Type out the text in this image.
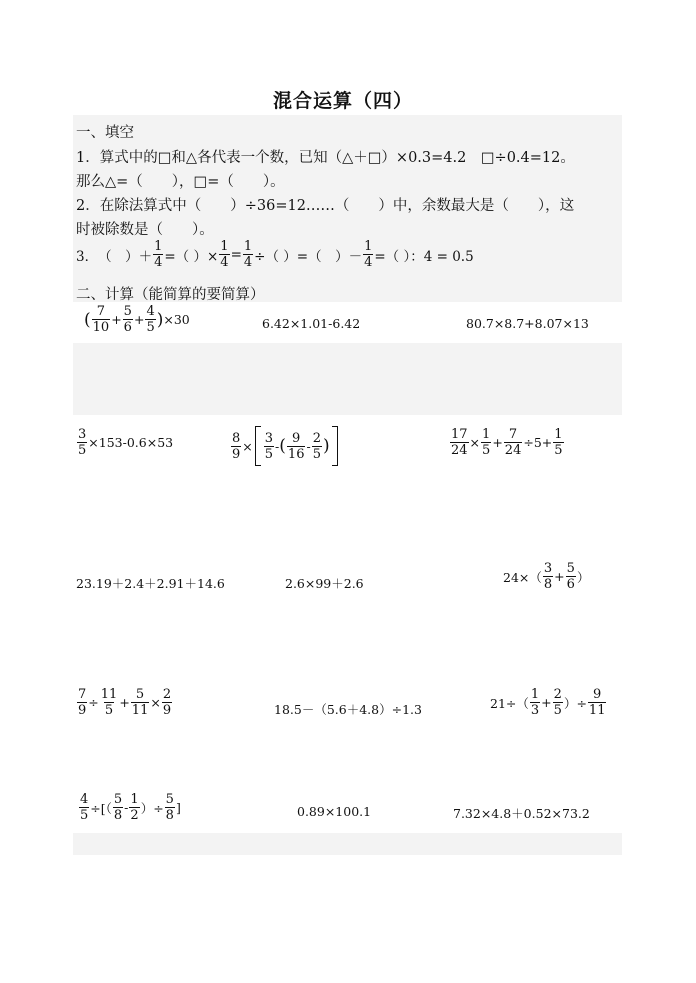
混合运算（四）
一、填空
1．算式中的□和△各代表一个数，已知（△＋□）×0.3=4.2　□÷0.4=12。
那么△=（　　），□=（　　）。
2．在除法算式中（　　）÷36=12……（　　）中，余数最大是（　　），这
时被除数是（　　）。
3． （　） ＋ $\frac{1}{4}$ =（ ）× $\frac{1}{4} = \frac{1}{4}$ ÷（ ）=（　）－ $\frac{1}{4}$ =（ ）：4 = 0.5
二、计算（能简算的要简算）
( $\frac{7}{10} + \frac{5}{6} + \frac{4}{5}$ ) ×30	6.42×1.01-6.42	80.7×8.7+8.07×13
$\frac{3}{5} \times 153-0.6\times 53$	$\frac{8}{9} \times \frac{3}{5}$ - ( $\frac{9}{16} - \frac{2}{5}$ )	$\frac{17}{24} \times \frac{1}{5} + \frac{7}{24} \div 5+ \frac{1}{5}$
23.19＋2.4＋2.91＋14.6	2.6×99＋2.6	$24\times( \frac{3}{8} + \frac{5}{6}$ ）
$\frac{7}{9} \div \frac{11}{5} + \frac{5}{11} \times \frac{2}{9}$	18.5－（5.6＋4.8）÷1.3	$21\div( \frac{1}{3} + \frac{2}{5}$ ）÷ $\frac{9}{11}$
$\frac{4}{5}$ ÷[（ $\frac{5}{8} - \frac{1}{2}$ ）÷ $\frac{5}{8}$ ]	0.89×100.1	7.32×4.8＋0.52×73.2
